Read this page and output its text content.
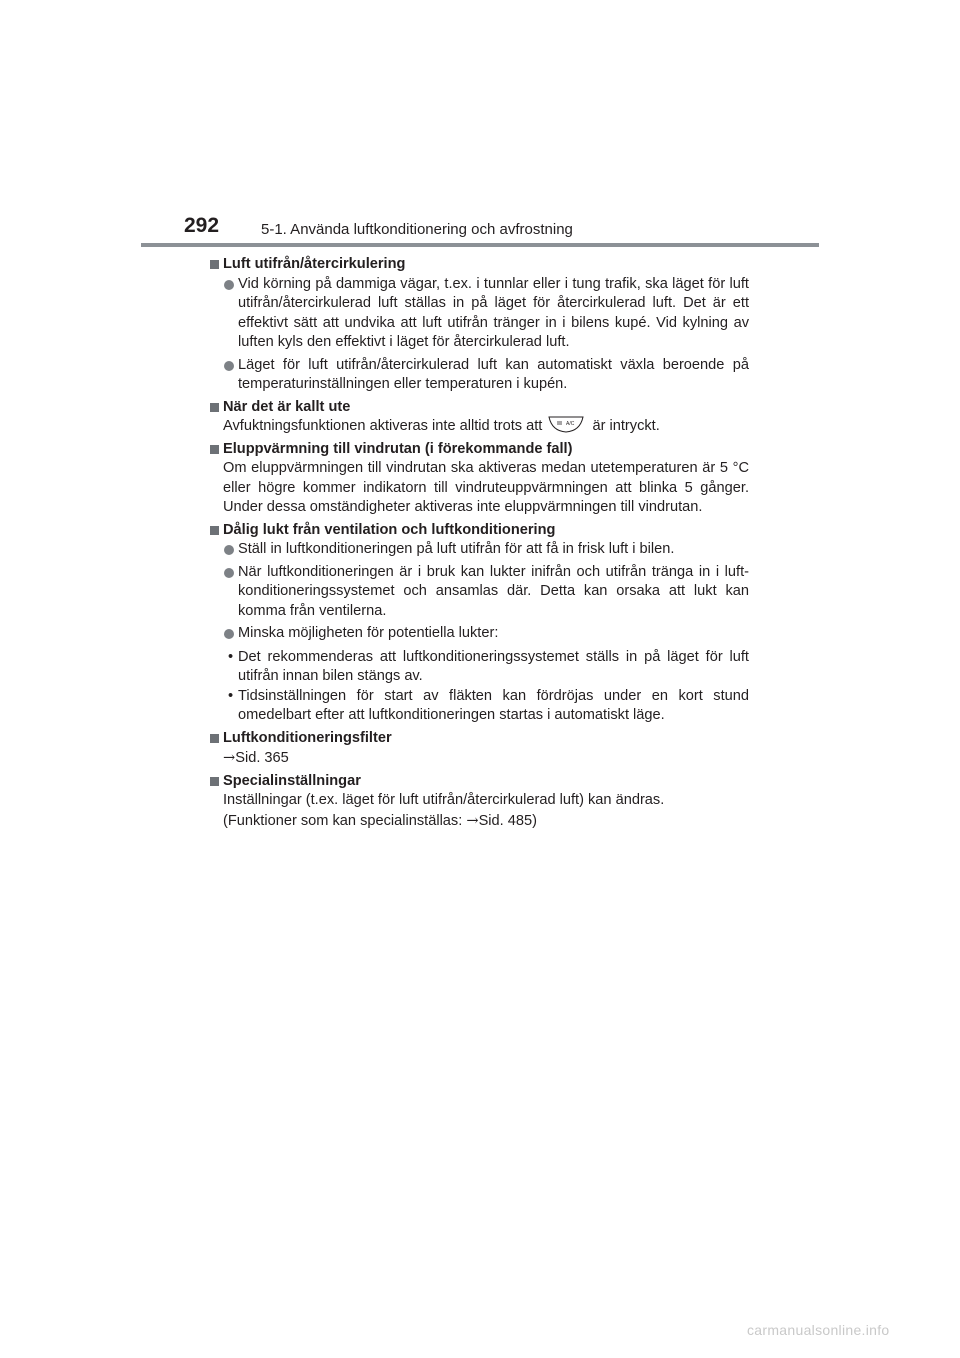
292	5-1. Använda luftkonditionering och avfrostning
Luft utifrån/återcirkulering
Vid körning på dammiga vägar, t.ex. i tunnlar eller i tung trafik, ska läget för luft utifrån/återcirkulerad luft ställas in på läget för återcirkulerad luft. Det är ett effektivt sätt att undvika att luft utifrån tränger in i bilens kupé. Vid kylning av luften kyls den effektivt i läget för återcirkulerad luft.
Läget för luft utifrån/återcirkulerad luft kan automatiskt växla beroende på temperaturinställningen eller temperaturen i kupén.
När det är kallt ute
Avfuktningsfunktionen aktiveras inte alltid trots att	A/C är intryckt.
Eluppvärmning till vindrutan (i förekommande fall)
Om eluppvärmningen till vindrutan ska aktiveras medan utetemperaturen är 5 °C eller högre kommer indikatorn till vindruteuppvärmningen att blinka 5 gånger. Under dessa omständigheter aktiveras inte eluppvärmningen till vindrutan.
Dålig lukt från ventilation och luftkonditionering
Ställ in luftkonditioneringen på luft utifrån för att få in frisk luft i bilen.
När luftkonditioneringen är i bruk kan lukter inifrån och utifrån tränga in i luft-konditioneringssystemet och ansamlas där. Detta kan orsaka att lukt kan komma från ventilerna.
Minska möjligheten för potentiella lukter:
• Det rekommenderas att luftkonditioneringssystemet ställs in på läget för luft utifrån innan bilen stängs av.
• Tidsinställningen för start av fläkten kan fördröjas under en kort stund omedelbart efter att luftkonditioneringen startas i automatiskt läge.
Luftkonditioneringsfilter
→Sid. 365
Specialinställningar
Inställningar (t.ex. läget för luft utifrån/återcirkulerad luft) kan ändras.
(Funktioner som kan specialinställas: →Sid. 485)
carmanualsonline.info
